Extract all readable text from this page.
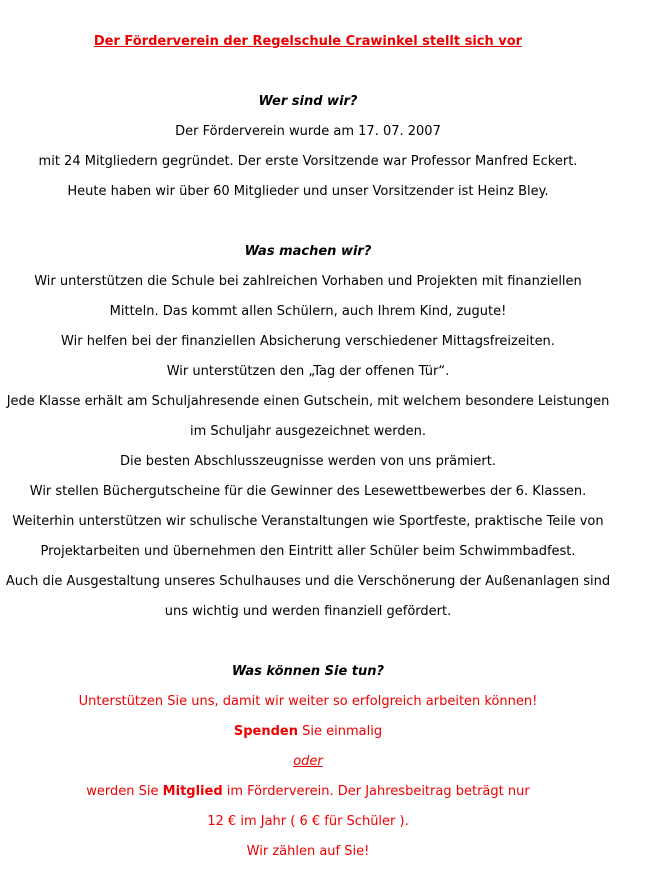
Der Förderverein der Regelschule Crawinkel stellt sich vor
Wer sind wir?
Der Förderverein wurde am 17. 07. 2007
mit 24 Mitgliedern gegründet. Der erste Vorsitzende war Professor Manfred Eckert.
Heute haben wir über 60 Mitglieder und unser Vorsitzender ist Heinz Bley.
Was machen wir?
Wir unterstützen die Schule bei zahlreichen Vorhaben und Projekten mit finanziellen
Mitteln. Das kommt allen Schülern, auch Ihrem Kind, zugute!
Wir helfen bei der finanziellen Absicherung verschiedener Mittagsfreizeiten.
Wir unterstützen den „Tag der offenen Tür“.
Jede Klasse erhält am Schuljahresende einen Gutschein, mit welchem besondere Leistungen
im Schuljahr ausgezeichnet werden.
Die besten Abschlusszeugnisse werden von uns prämiert.
Wir stellen Büchergutscheine für die Gewinner des Lesewettbewerbes der 6. Klassen.
Weiterhin unterstützen wir schulische Veranstaltungen wie Sportfeste, praktische Teile von
Projektarbeiten und übernehmen den Eintritt aller Schüler beim Schwimmbadfest.
Auch die Ausgestaltung unseres Schulhauses und die Verschönerung der Außenanlagen sind
uns wichtig und werden finanziell gefördert.
Was können Sie tun?
Unterstützen Sie uns, damit wir weiter so erfolgreich arbeiten können!
Spenden Sie einmalig
oder
werden Sie Mitglied im Förderverein. Der Jahresbeitrag beträgt nur
12 € im Jahr ( 6 € für Schüler ).
Wir zählen auf Sie!
